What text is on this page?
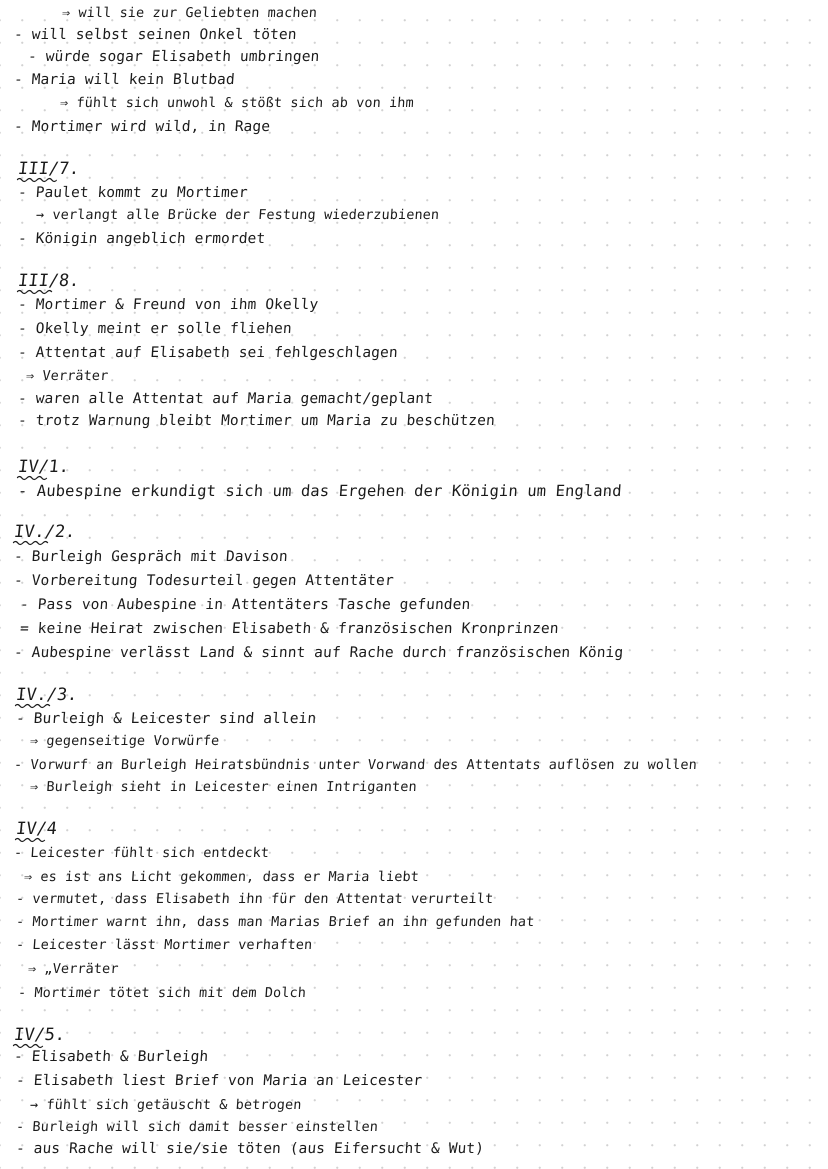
⇒ will sie zur Geliebten machen
- will selbst seinen Onkel töten
- würde sogar Elisabeth umbringen
- Maria will kein Blutbad
⇒ fühlt sich unwohl & stößt sich ab von ihm
- Mortimer wird wild, in Rage
III/7.
- Paulet kommt zu Mortimer
→ verlangt alle Brücke der Festung wiederzubienen
- Königin angeblich ermordet
III/8.
- Mortimer & Freund von ihm Okelly
- Okelly meint er solle fliehen
- Attentat auf Elisabeth sei fehlgeschlagen
⇒ Verräter
- waren alle Attentat auf Maria gemacht/geplant
- trotz Warnung bleibt Mortimer um Maria zu beschützen
IV/1.
- Aubespine erkundigt sich um das Ergehen der Königin um England
IV./2.
- Burleigh Gespräch mit Davison
- Vorbereitung Todesurteil gegen Attentäter
- Pass von Aubespine in Attentäters Tasche gefunden
= keine Heirat zwischen Elisabeth & französischen Kronprinzen
- Aubespine verlässt Land & sinnt auf Rache durch französischen König
IV./3.
- Burleigh & Leicester sind allein
⇒ gegenseitige Vorwürfe
- Vorwurf an Burleigh Heiratsbündnis unter Vorwand des Attentats auflösen zu wollen
⇒ Burleigh sieht in Leicester einen Intriganten
IV/4
- Leicester fühlt sich entdeckt
⇒ es ist ans Licht gekommen, dass er Maria liebt
- vermutet, dass Elisabeth ihn für den Attentat verurteilt
- Mortimer warnt ihn, dass man Marias Brief an ihn gefunden hat
- Leicester lässt Mortimer verhaften
⇒ „Verräter
- Mortimer tötet sich mit dem Dolch
IV/5.
- Elisabeth & Burleigh
- Elisabeth liest Brief von Maria an Leicester
→ fühlt sich getäuscht & betrogen
- Burleigh will sich damit besser einstellen
- aus Rache will sie/sie töten (aus Eifersucht & Wut)
